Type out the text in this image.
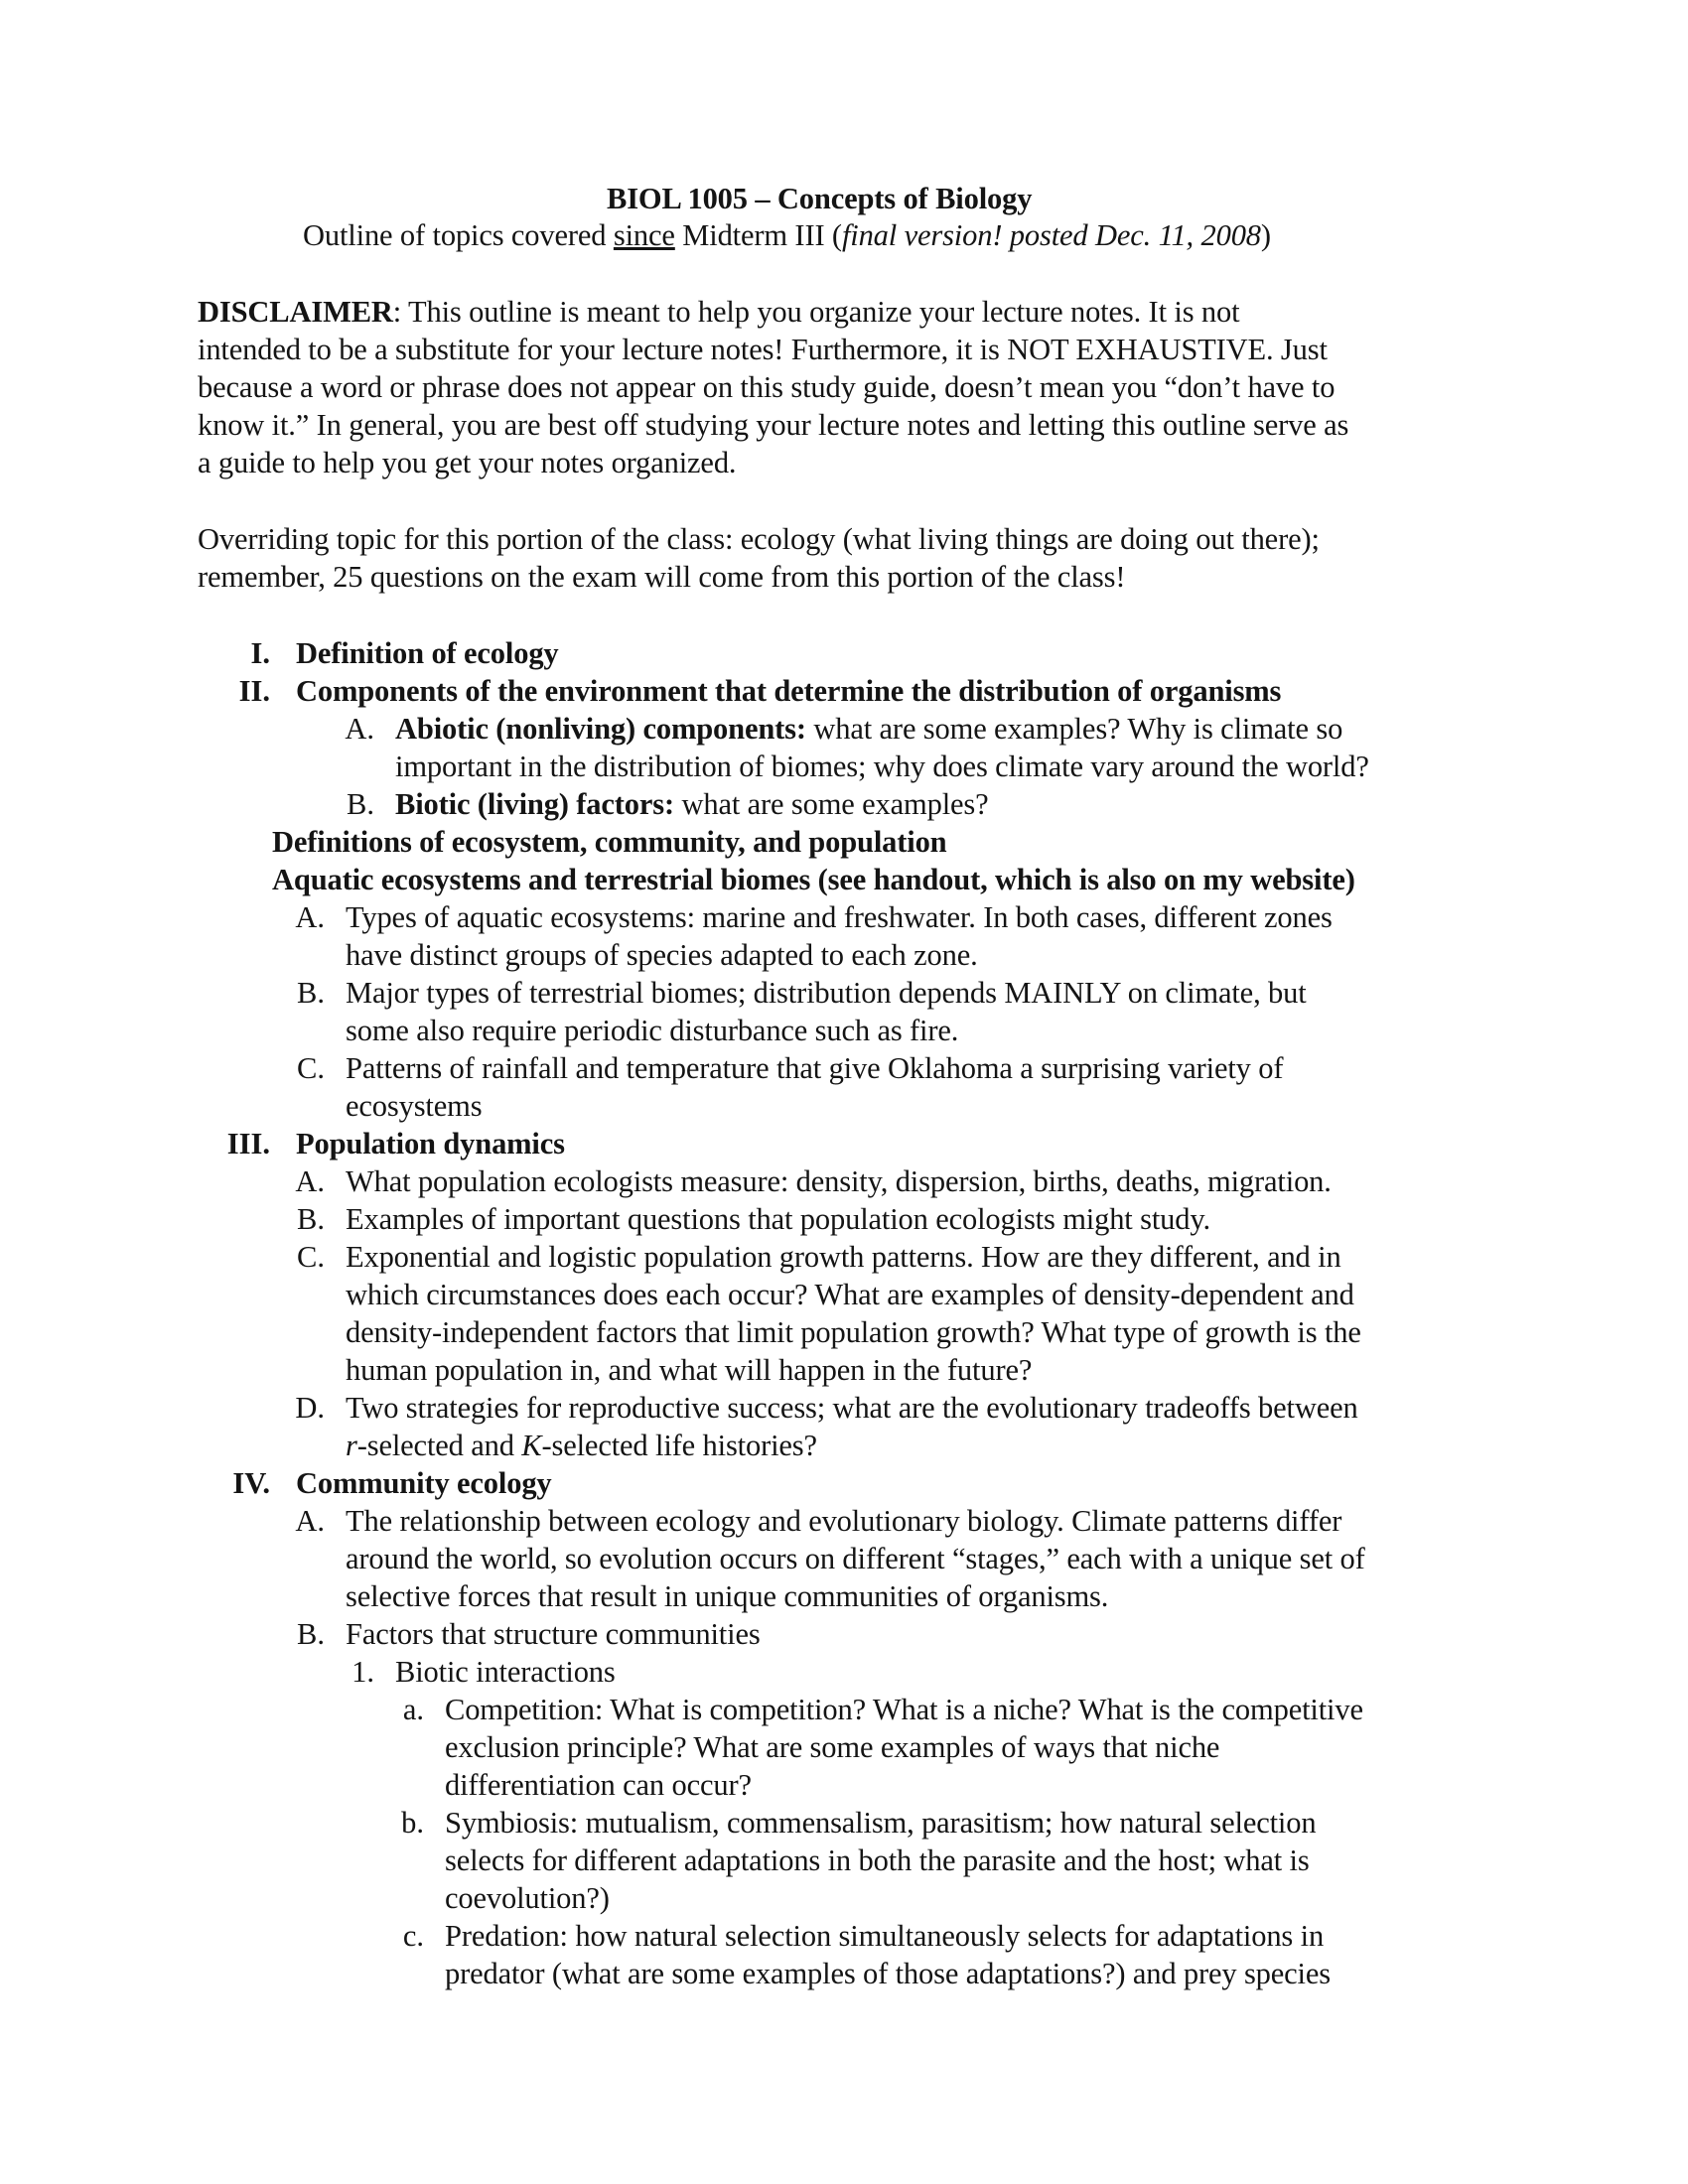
BIOL 1005 – Concepts of Biology
Outline of topics covered since Midterm III (final version! posted Dec. 11, 2008)
DISCLAIMER: This outline is meant to help you organize your lecture notes. It is not
intended to be a substitute for your lecture notes! Furthermore, it is NOT EXHAUSTIVE. Just
because a word or phrase does not appear on this study guide, doesn’t mean you “don’t have to
know it.” In general, you are best off studying your lecture notes and letting this outline serve as
a guide to help you get your notes organized.
Overriding topic for this portion of the class: ecology (what living things are doing out there);
remember, 25 questions on the exam will come from this portion of the class!
I. Definition of ecology
II. Components of the environment that determine the distribution of organisms
A. Abiotic (nonliving) components: what are some examples? Why is climate so
important in the distribution of biomes; why does climate vary around the world?
B. Biotic (living) factors: what are some examples?
Definitions of ecosystem, community, and population
Aquatic ecosystems and terrestrial biomes (see handout, which is also on my website)
A. Types of aquatic ecosystems: marine and freshwater. In both cases, different zones
have distinct groups of species adapted to each zone.
B. Major types of terrestrial biomes; distribution depends MAINLY on climate, but
some also require periodic disturbance such as fire.
C. Patterns of rainfall and temperature that give Oklahoma a surprising variety of
ecosystems
III. Population dynamics
A. What population ecologists measure: density, dispersion, births, deaths, migration.
B. Examples of important questions that population ecologists might study.
C. Exponential and logistic population growth patterns. How are they different, and in
which circumstances does each occur? What are examples of density-dependent and
density-independent factors that limit population growth? What type of growth is the
human population in, and what will happen in the future?
D. Two strategies for reproductive success; what are the evolutionary tradeoffs between
r-selected and K-selected life histories?
IV. Community ecology
A. The relationship between ecology and evolutionary biology. Climate patterns differ
around the world, so evolution occurs on different “stages,” each with a unique set of
selective forces that result in unique communities of organisms.
B. Factors that structure communities
1. Biotic interactions
a. Competition: What is competition? What is a niche? What is the competitive
exclusion principle? What are some examples of ways that niche
differentiation can occur?
b. Symbiosis: mutualism, commensalism, parasitism; how natural selection
selects for different adaptations in both the parasite and the host; what is
coevolution?)
c. Predation: how natural selection simultaneously selects for adaptations in
predator (what are some examples of those adaptations?) and prey species
